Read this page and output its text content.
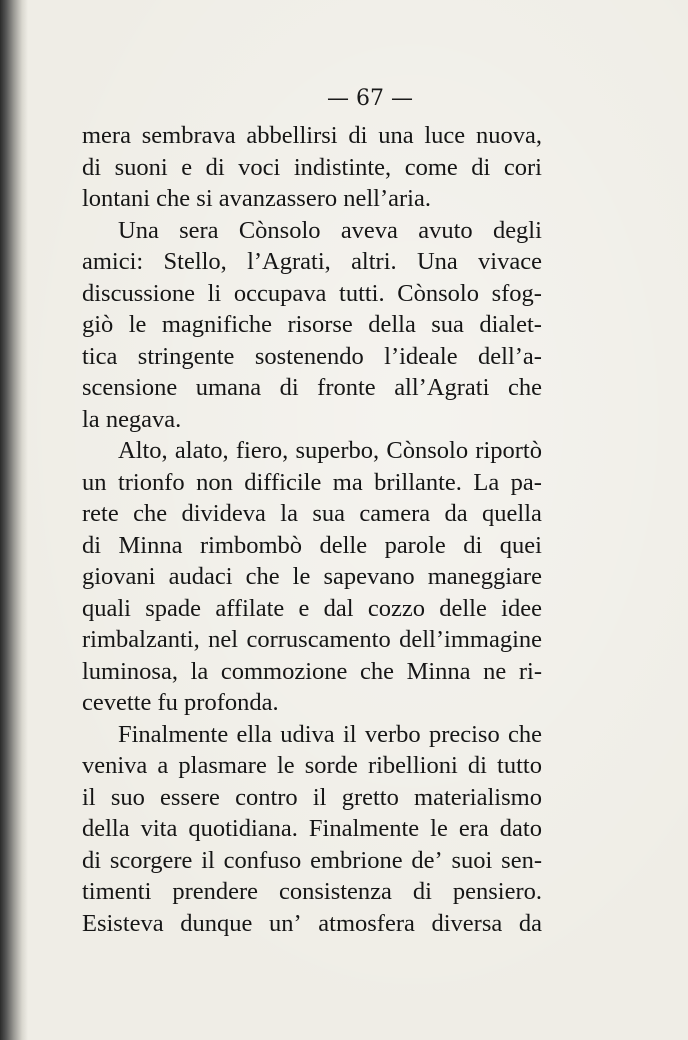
— 67 —
mera sembrava abbellirsi di una luce nuova,
di suoni e di voci indistinte, come di cori
lontani che si avanzassero nell’aria.
Una sera Cònsolo aveva avuto degli
amici: Stello, l’Agrati, altri. Una vivace
discussione li occupava tutti. Cònsolo sfog-
giò le magnifiche risorse della sua dialet-
tica stringente sostenendo l’ideale dell’a-
scensione umana di fronte all’Agrati che
la negava.
Alto, alato, fiero, superbo, Cònsolo riportò
un trionfo non difficile ma brillante. La pa-
rete che divideva la sua camera da quella
di Minna rimbombò delle parole di quei
giovani audaci che le sapevano maneggiare
quali spade affilate e dal cozzo delle idee
rimbalzanti, nel corruscamento dell’immagine
luminosa, la commozione che Minna ne ri-
cevette fu profonda.
Finalmente ella udiva il verbo preciso che
veniva a plasmare le sorde ribellioni di tutto
il suo essere contro il gretto materialismo
della vita quotidiana. Finalmente le era dato
di scorgere il confuso embrione de’ suoi sen-
timenti prendere consistenza di pensiero.
Esisteva dunque un’ atmosfera diversa da
